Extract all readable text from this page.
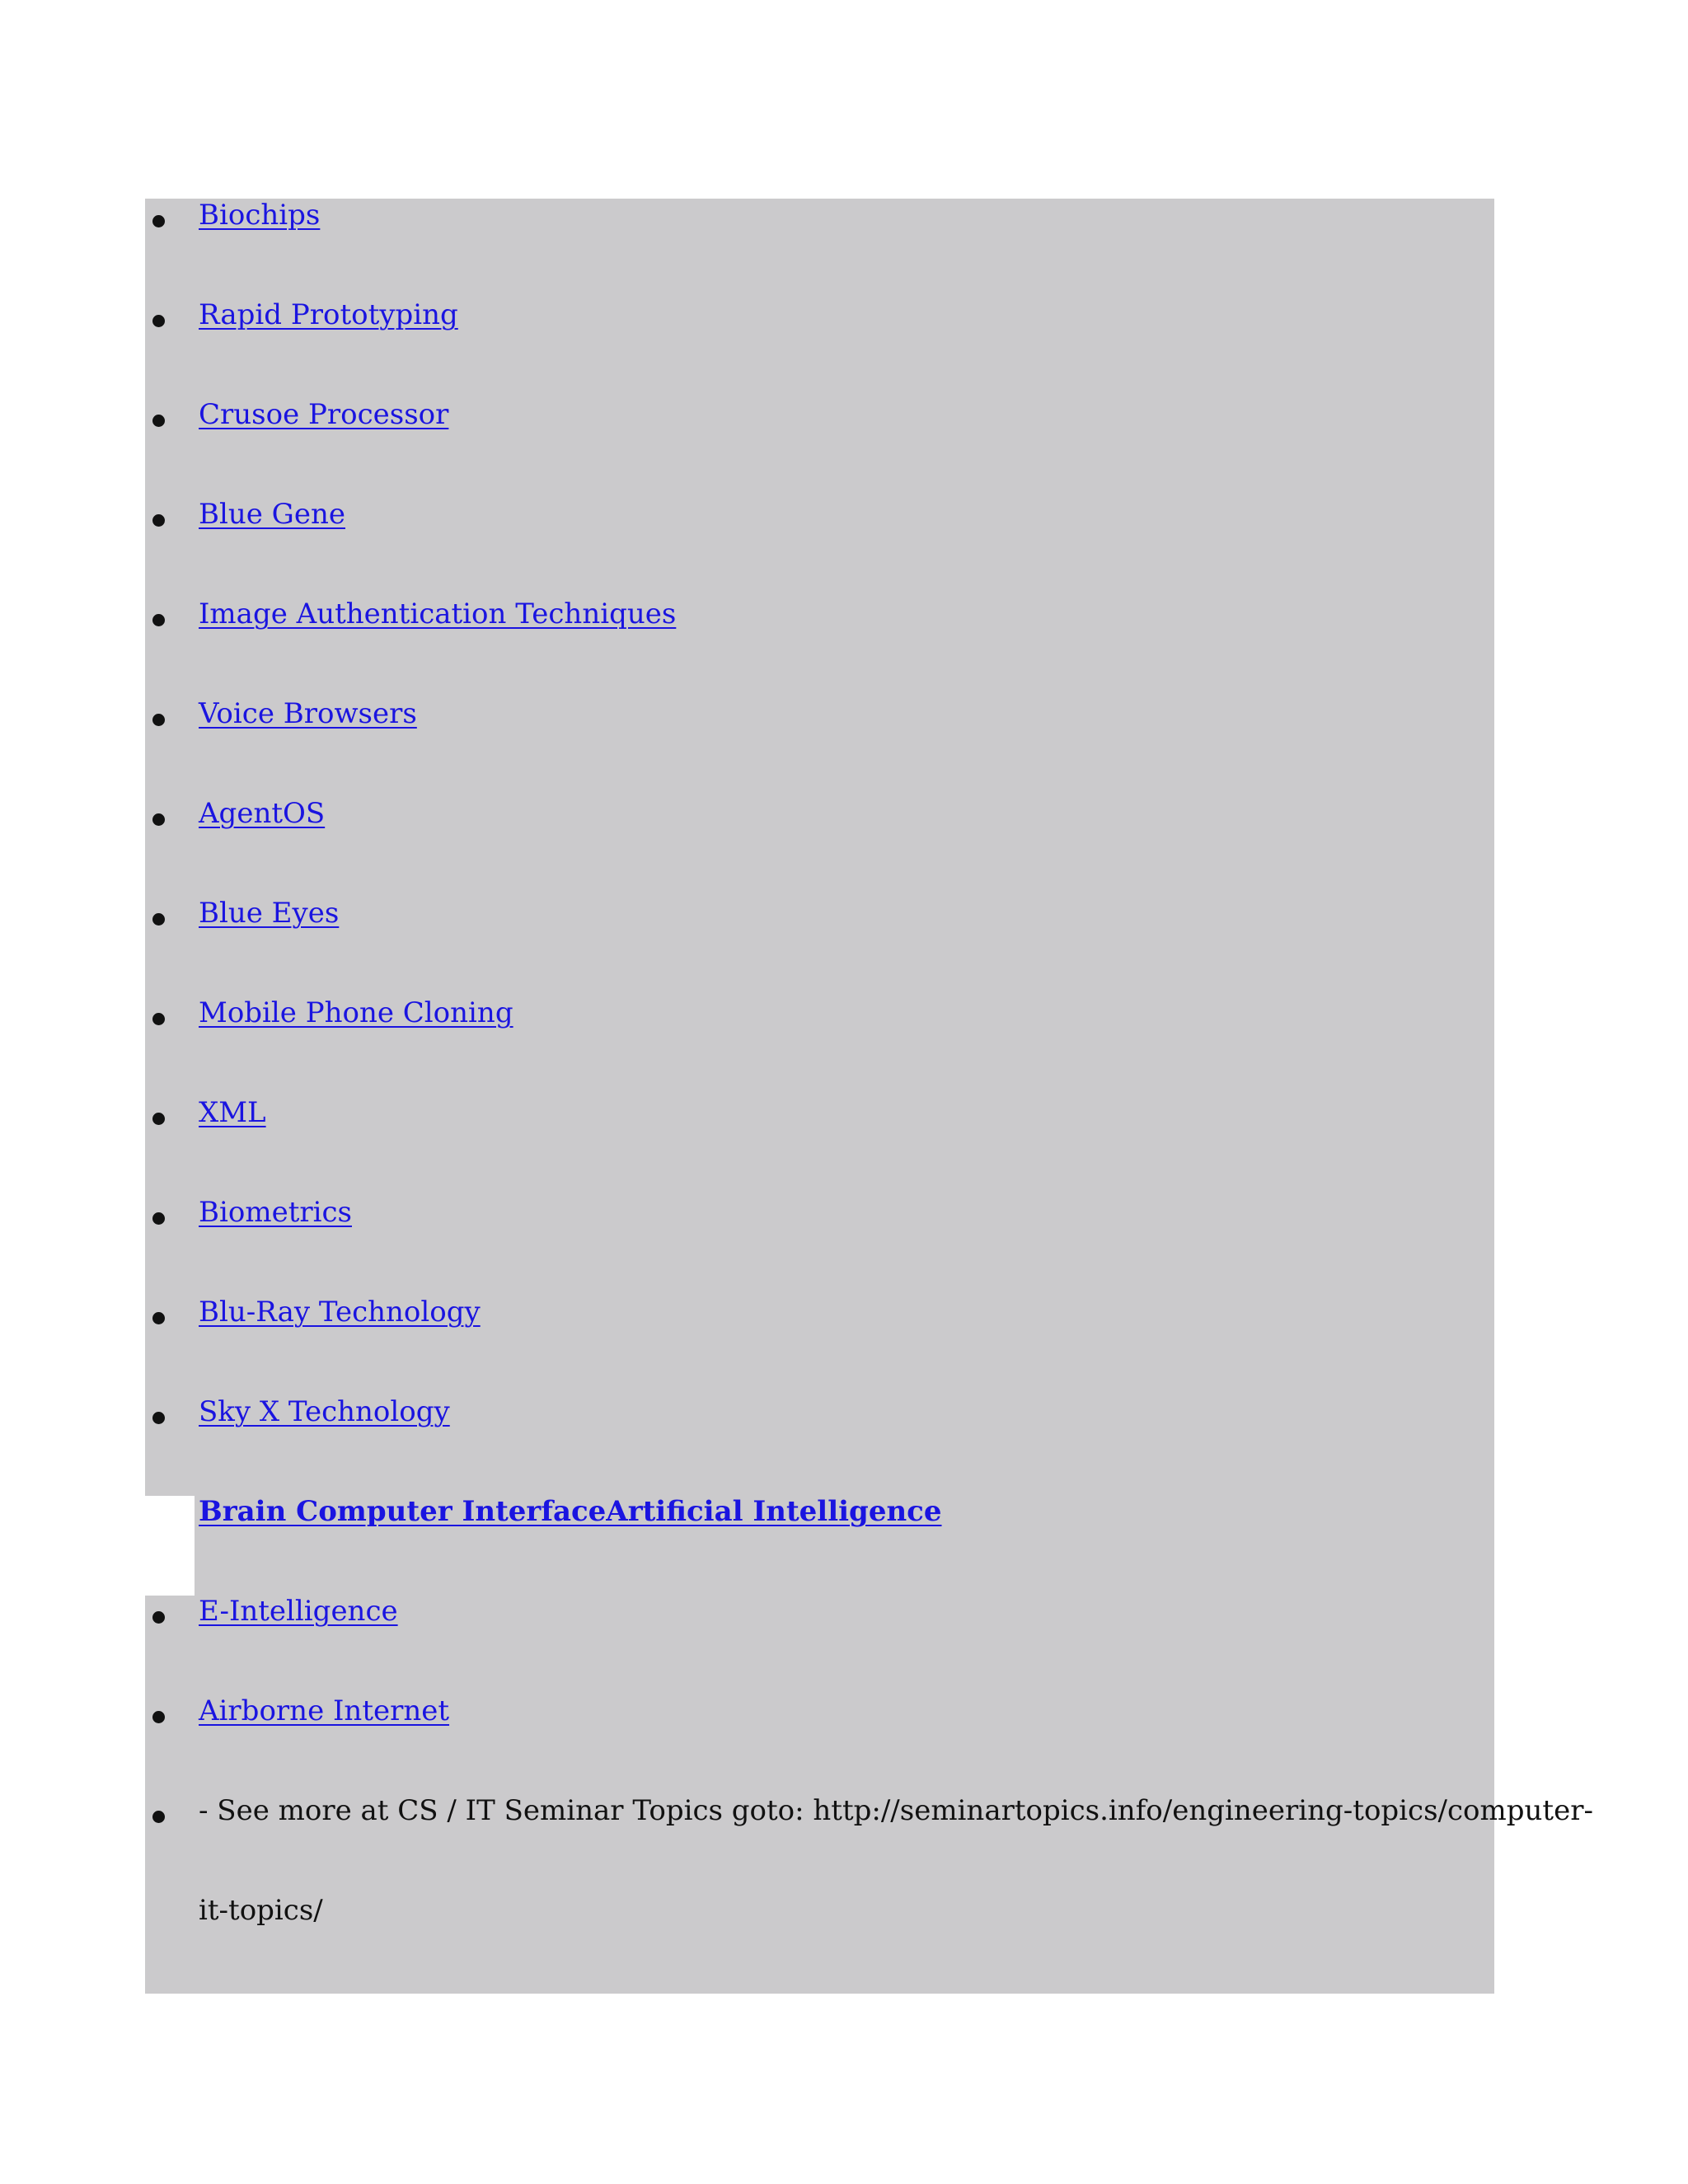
Biochips
Rapid Prototyping
Crusoe Processor
Blue Gene
Image Authentication Techniques
Voice Browsers
AgentOS
Blue Eyes
Mobile Phone Cloning
XML
Biometrics
Blu-Ray Technology
Sky X Technology
Brain Computer InterfaceArtificial Intelligence
E-Intelligence
Airborne Internet
- See more at CS / IT Seminar Topics goto: http://seminartopics.info/engineering-topics/computer-
it-topics/
